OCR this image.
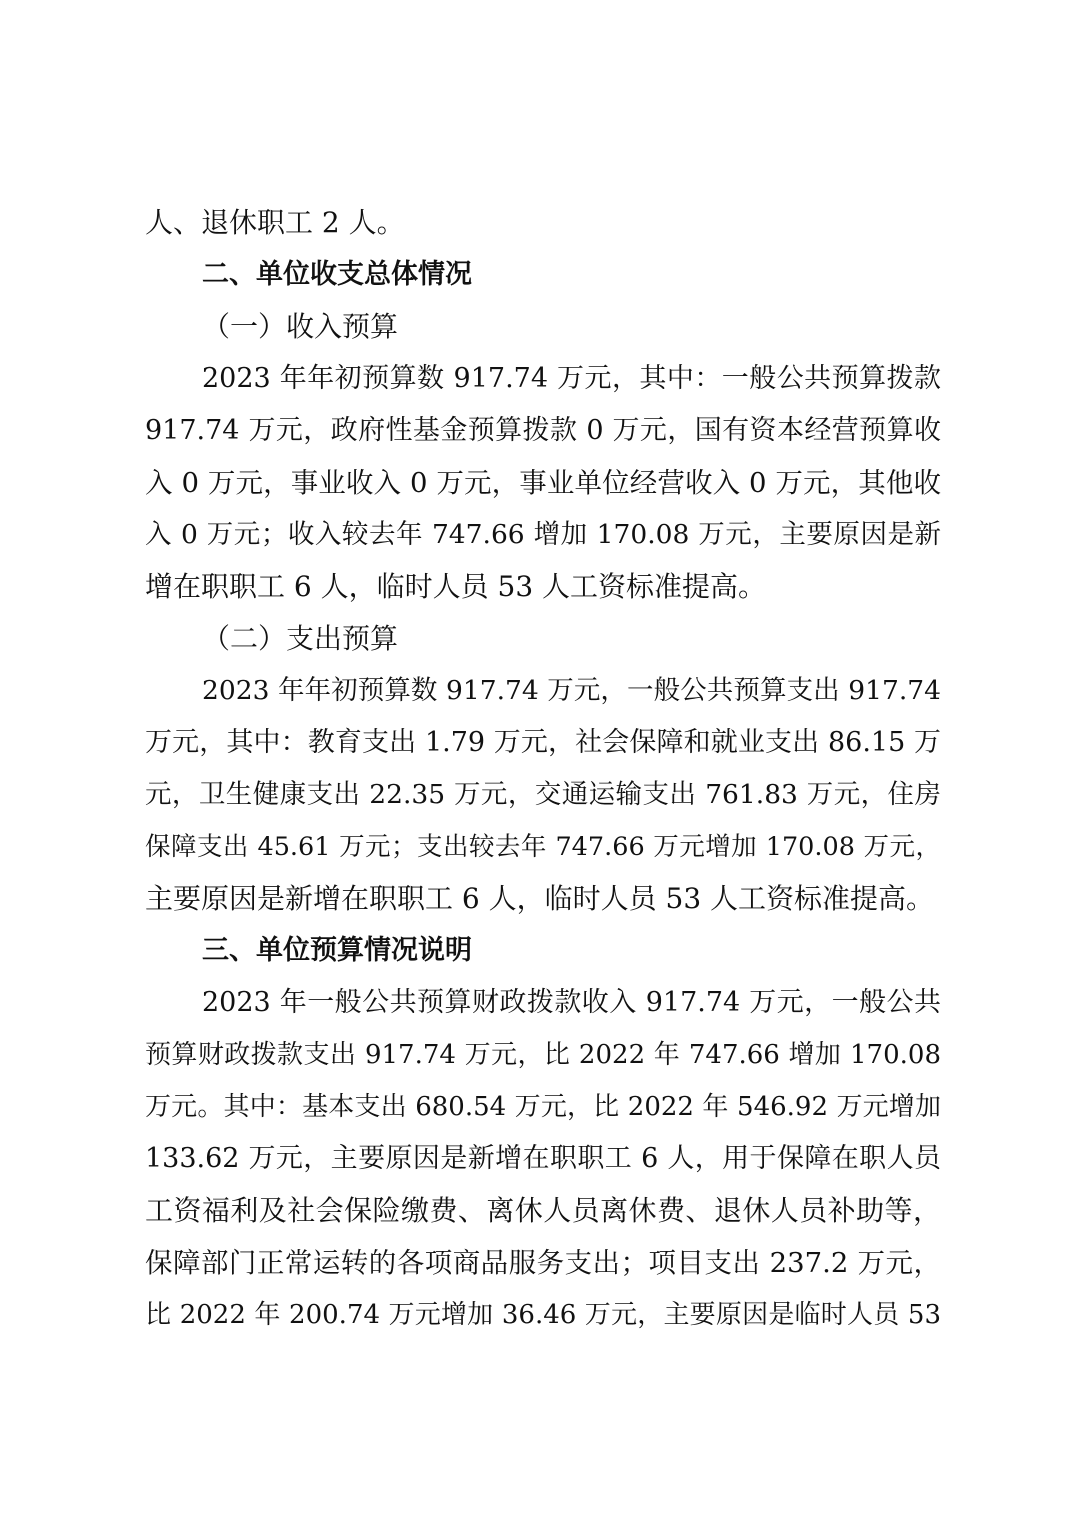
人、退休职工 2 人。
二、单位收支总体情况
（一）收入预算
2023 年年初预算数 917.74 万元，其中：一般公共预算拨款
917.74 万元，政府性基金预算拨款 0 万元，国有资本经营预算收
入 0 万元，事业收入 0 万元，事业单位经营收入 0 万元，其他收
入 0 万元；收入较去年 747.66 增加 170.08 万元，主要原因是新
增在职职工 6 人，临时人员 53 人工资标准提高。
（二）支出预算
2023 年年初预算数 917.74 万元，一般公共预算支出 917.74
万元，其中：教育支出 1.79 万元，社会保障和就业支出 86.15 万
元，卫生健康支出 22.35 万元，交通运输支出 761.83 万元，住房
保障支出 45.61 万元；支出较去年 747.66 万元增加 170.08 万元，
主要原因是新增在职职工 6 人，临时人员 53 人工资标准提高。
三、单位预算情况说明
2023 年一般公共预算财政拨款收入 917.74 万元，一般公共
预算财政拨款支出 917.74 万元，比 2022 年 747.66 增加 170.08
万元。其中：基本支出 680.54 万元，比 2022 年 546.92 万元增加
133.62 万元，主要原因是新增在职职工 6 人，用于保障在职人员
工资福利及社会保险缴费、离休人员离休费、退休人员补助等，
保障部门正常运转的各项商品服务支出；项目支出 237.2 万元，
比 2022 年 200.74 万元增加 36.46 万元，主要原因是临时人员 53
